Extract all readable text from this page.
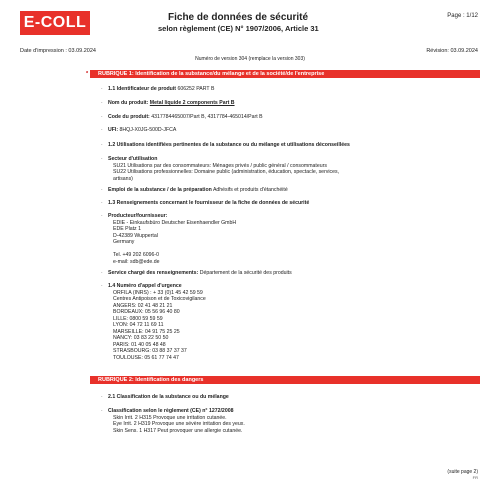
E-COLL	Fiche de données de sécurité
selon règlement (CE) N° 1907/2006, Article 31
Page : 1/12
Date d'impression : 03.09.2024	Révision: 03.09.2024
Numéro de version 304 (remplace la version 303)
* RUBRIQUE 1: Identification de la substance/du mélange et de la société/de l'entreprise
· 1.1 Identificateur de produit 606252 PART B
· Nom du produit: Metal liquide 2 components Part B
· Code du produit: 4317784465007/Part B, 4317784-465014/Part B
· UFI: 8HQJ-X0JG-500D-JFCA
· 1.2 Utilisations identifiées pertinentes de la substance ou du mélange et utilisations déconseillées
· Secteur d'utilisation
SU21 Utilisations par des consommateurs: Ménages privés / public général / consommateurs
SU22 Utilisations professionnelles: Domaine public (administration, éducation, spectacle, services,
artisans)
· Emploi de la substance / de la préparation Adhésifs et produits d'étanchéité
· 1.3 Renseignements concernant le fournisseur de la fiche de données de sécurité
· Producteur/fournisseur:
EDIE - Einkaufsbüro Deutscher Eisenhaendler GmbH
EDE Platz 1
D-42389 Wuppertal
Germany
Tel. +49 202 6096-0
e-mail: sdb@ede.de
· Service chargé des renseignements: Département de la sécurité des produits
· 1.4 Numéro d'appel d'urgence
ORFILA (INRS) : + 33 (0)1 45 42 59 59
Centres Antipoison et de Toxicovigilance
ANGERS: 02 41 48 21 21
BORDEAUX: 05 56 96 40 80
LILLE: 0800 59 59 59
LYON: 04 72 11 69 11
MARSEILLE: 04 91 75 25 25
NANCY: 03 83 22 50 50
PARIS: 01 40 05 48 48
STRASBOURG: 03 88 37 37 37
TOULOUSE: 05 61 77 74 47
RUBRIQUE 2: Identification des dangers
· 2.1 Classification de la substance ou du mélange
· Classification selon le règlement (CE) n° 1272/2008
Skin Irrit. 2 H315 Provoque une irritation cutanée.
Eye Irrit. 2 H319 Provoque une sévère irritation des yeux.
Skin Sens. 1 H317 Peut provoquer une allergie cutanée.
(suite page 2)
FR
